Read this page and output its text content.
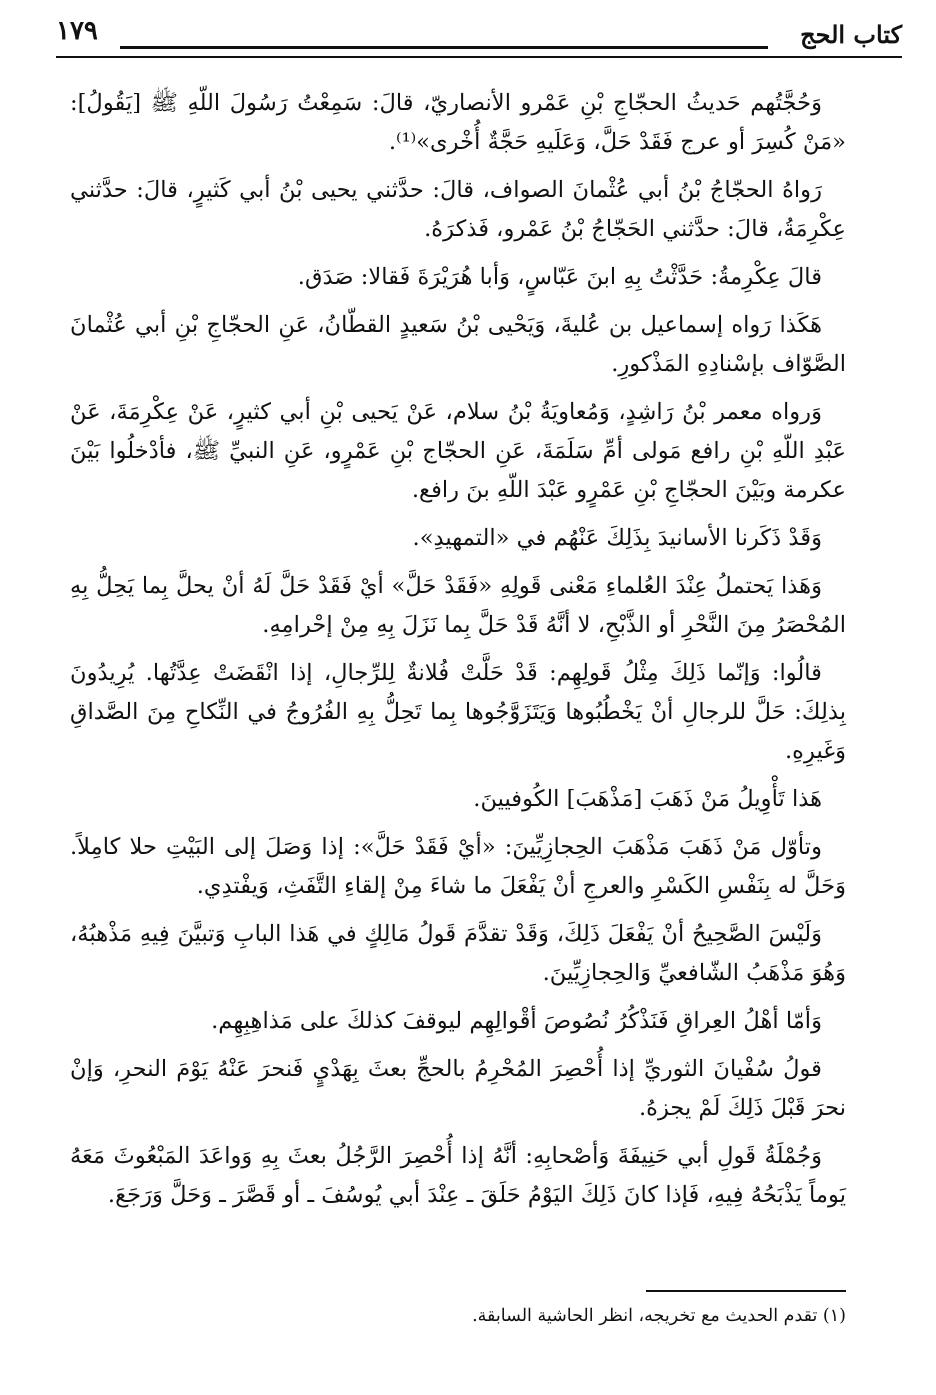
كتاب الحج
١٧٩

وَحُجَّتُهم حَديثُ الحجّاجِ بْنِ عَمْرو الأنصاريّ، قالَ: سَمِعْتُ رَسُولَ اللّهِ ﷺ [يَقُولُ]: «مَنْ كُسِرَ أو عرج فَقَدْ حَلَّ، وَعَلَيهِ حَجَّةٌ أُخْرى»⁽¹⁾.

رَواهُ الحجّاجُ بْنُ أبي عُثْمانَ الصواف، قالَ: حدَّثني يحيى بْنُ أبي كَثيرٍ، قالَ: حدَّثني عِكْرِمَةُ، قالَ: حدَّثني الحَجّاجُ بْنُ عَمْرو، فَذكرَهُ.

قالَ عِكْرِمةُ: حَدَّثْتُ بِهِ ابنَ عَبّاسٍ، وَأبا هُرَيْرَةَ فَقالا: صَدَق.

هَكَذا رَواه إسماعيل بن عُليةَ، وَيَحْيى بْنُ سَعيدٍ القطّانُ، عَنِ الحجّاجِ بْنِ أبي عُثْمانَ الصَّوّاف بإسْنادِهِ المَذْكورِ.

وَرواه معمر بْنُ رَاشِدٍ، وَمُعاويَةُ بْنُ سلام، عَنْ يَحيى بْنِ أبي كثيرٍ، عَنْ عِكْرِمَةَ، عَنْ عَبْدِ اللّهِ بْنِ رافع مَولى أمِّ سَلَمَةَ، عَنِ الحجّاج بْنِ عَمْرٍو، عَنِ النبيِّ ﷺ، فأدْخلُوا بَيْنَ عكرمة وبَيْنَ الحجّاجِ بْنِ عَمْرٍو عَبْدَ اللّهِ بنَ رافع.

وَقَدْ ذَكَرنا الأسانيدَ بِذَلِكَ عَنْهُم في «التمهيدِ».

وَهَذا يَحتملُ عِنْدَ العُلماءِ مَعْنى قَولِهِ «فَقَدْ حَلَّ» أيْ فَقَدْ حَلَّ لَهُ أنْ يحلَّ بِما يَحِلُّ بِهِ المُحْصَرُ مِنَ النَّحْرِ أو الذَّبْحِ، لا أنَّهُ قَدْ حَلَّ بِما نَزَلَ بِهِ مِنْ إحْرامِهِ.

قالُوا: وَإنّما ذَلِكَ مِثْلُ قَولِهِم: قَدْ حَلَّتْ فُلانةٌ لِلرِّجالِ، إذا انْقَضَتْ عِدَّتُها. يُرِيدُونَ بِذلِكَ: حَلَّ للرجالِ أنْ يَخْطُبُوها وَيَتَزَوَّجُوها بِما تَحِلُّ بِهِ الفُرُوجُ في النِّكاحِ مِنَ الصَّداقِ وَغَيرِهِ.

هَذا تَأْوِيلُ مَنْ ذَهَبَ [مَذْهَبَ] الكُوفيينَ.

وتأوّل مَنْ ذَهَبَ مَذْهَبَ الحِجازِيِّينَ: «أيْ فَقَدْ حَلَّ»: إذا وَصَلَ إلى البَيْتِ حلا كامِلاً. وَحَلَّ له بِنَفْسِ الكَسْرِ والعرجِ أنْ يَفْعَلَ ما شاءَ مِنْ إلقاءِ التَّفَثِ، وَيفْتدِي.

وَلَيْسَ الصَّحِيحُ أنْ يَفْعَلَ ذَلِكَ، وَقَدْ تقدَّمَ قَولُ مَالِكٍ في هَذا البابِ وَتبيَّنَ فِيهِ مَذْهبُهُ، وَهُوَ مَذْهَبُ الشّافعيِّ وَالحِجازِيِّينَ.

وَأمّا أهْلُ العِراقِ فَنَذْكُرُ نُصُوصَ أقْوالِهِم ليوقفَ كذلكَ على مَذاهِبِهِم.

قولُ سُفْيانَ الثوريِّ إذا أُحْصِرَ المُحْرِمُ بالحجِّ بعثَ بِهَدْيٍ فَنحرَ عَنْهُ يَوْمَ النحرِ، وَإنْ نحرَ قَبْلَ ذَلِكَ لَمْ يجزهُ.

وَجُمْلَةُ قَولِ أبي حَنِيفَةَ وَأصْحابِهِ: أنَّهُ إذا أُحْصِرَ الرَّجُلُ بعثَ بِهِ وَواعَدَ المَبْعُوثَ مَعَهُ يَوماً يَذْبَحُهُ فِيهِ، فَإذا كانَ ذَلِكَ اليَوْمُ حَلَقَ ـ عِنْدَ أبي يُوسُفَ ـ أو قَصَّرَ ـ وَحَلَّ وَرَجَعَ.

(١) تقدم الحديث مع تخريجه، انظر الحاشية السابقة.
